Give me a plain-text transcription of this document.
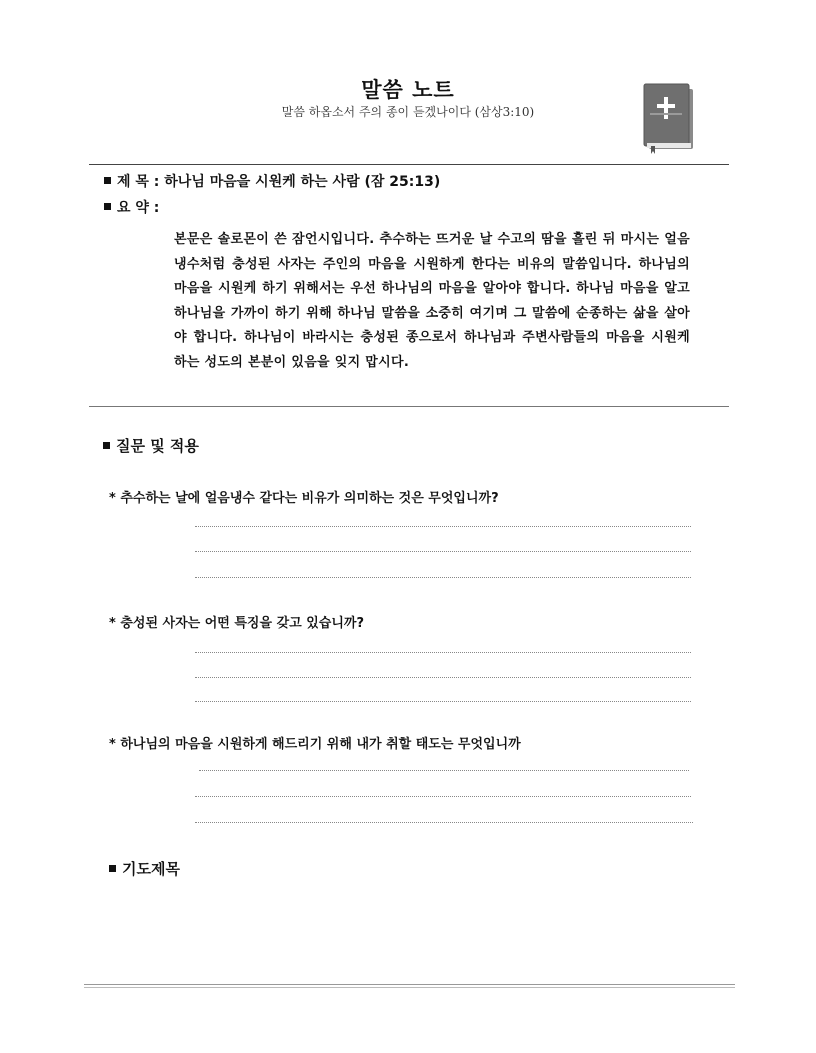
말씀 노트
말씀 하옵소서 주의 종이 듣겠나이다 (삼상3:10)
제 목 : 하나님 마음을 시원케 하는 사람 (잠 25:13)
요 약 :
본문은 솔로몬이 쓴 잠언시입니다. 추수하는 뜨거운 날 수고의 땀을 흘린 뒤 마시는 얼음냉수처럼 충성된 사자는 주인의 마음을 시원하게 한다는 비유의 말씀입니다. 하나님의 마음을 시원케 하기 위해서는 우선 하나님의 마음을 알아야 합니다. 하나님 마음을 알고 하나님을 가까이 하기 위해 하나님 말씀을 소중히 여기며 그 말씀에 순종하는 삶을 살아야 합니다. 하나님이 바라시는 충성된 종으로서 하나님과 주변사람들의 마음을 시원케 하는 성도의 본분이 있음을 잊지 맙시다.
질문 및 적용
* 추수하는 날에 얼음냉수 같다는 비유가 의미하는 것은 무엇입니까?
* 충성된 사자는 어떤 특징을 갖고 있습니까?
* 하나님의 마음을 시원하게 해드리기 위해 내가 취할 태도는 무엇입니까
기도제목
